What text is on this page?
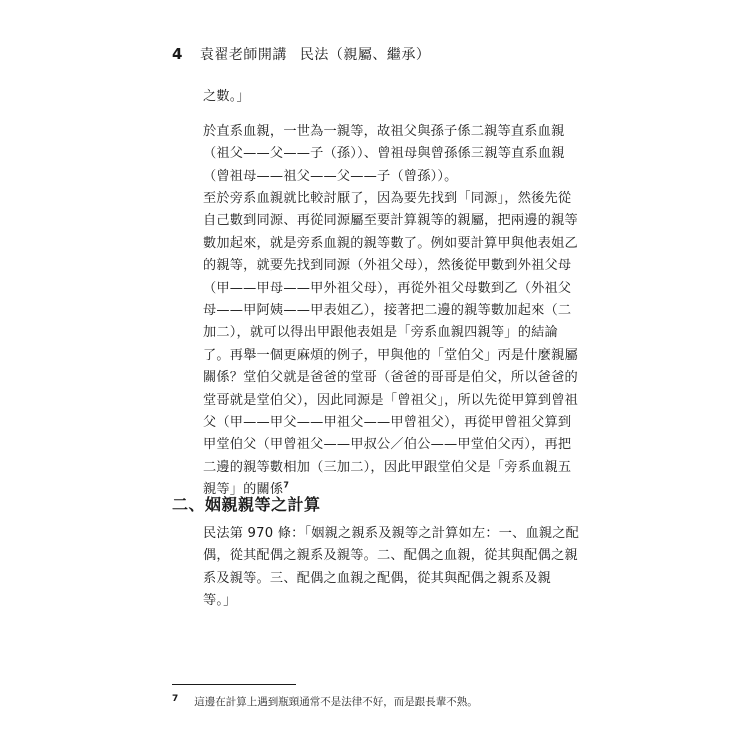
4 袁翟老師開講 民法（親屬、繼承）
之數。」
於直系血親，一世為一親等，故祖父與孫子係二親等直系血親
（祖父——父——子（孫））、曾祖母與曾孫係三親等直系血親
（曾祖母——祖父——父——子（曾孫））。
至於旁系血親就比較討厭了，因為要先找到「同源」，然後先從
自己數到同源、再從同源屬至要計算親等的親屬，把兩邊的親等
數加起來，就是旁系血親的親等數了。例如要計算甲與他表姐乙
的親等，就要先找到同源（外祖父母），然後從甲數到外祖父母
（甲——甲母——甲外祖父母），再從外祖父母數到乙（外祖父
母——甲阿姨——甲表姐乙），接著把二邊的親等數加起來（二
加二），就可以得出甲跟他表姐是「旁系血親四親等」的結論
了。再舉一個更麻煩的例子，甲與他的「堂伯父」丙是什麼親屬
關係？堂伯父就是爸爸的堂哥（爸爸的哥哥是伯父，所以爸爸的
堂哥就是堂伯父），因此同源是「曾祖父」，所以先從甲算到曾祖
父（甲——甲父——甲祖父——甲曾祖父），再從甲曾祖父算到
甲堂伯父（甲曾祖父——甲叔公／伯公——甲堂伯父丙），再把
二邊的親等數相加（三加二），因此甲跟堂伯父是「旁系血親五
親等」的關係$^7$
二、姻親親等之計算
民法第 970 條：「姻親之親系及親等之計算如左：一、血親之配
偶，從其配偶之親系及親等。二、配偶之血親，從其與配偶之親
系及親等。三、配偶之血親之配偶，從其與配偶之親系及親
等。」
7 這邊在計算上遇到瓶頸通常不是法律不好，而是跟長輩不熟。
